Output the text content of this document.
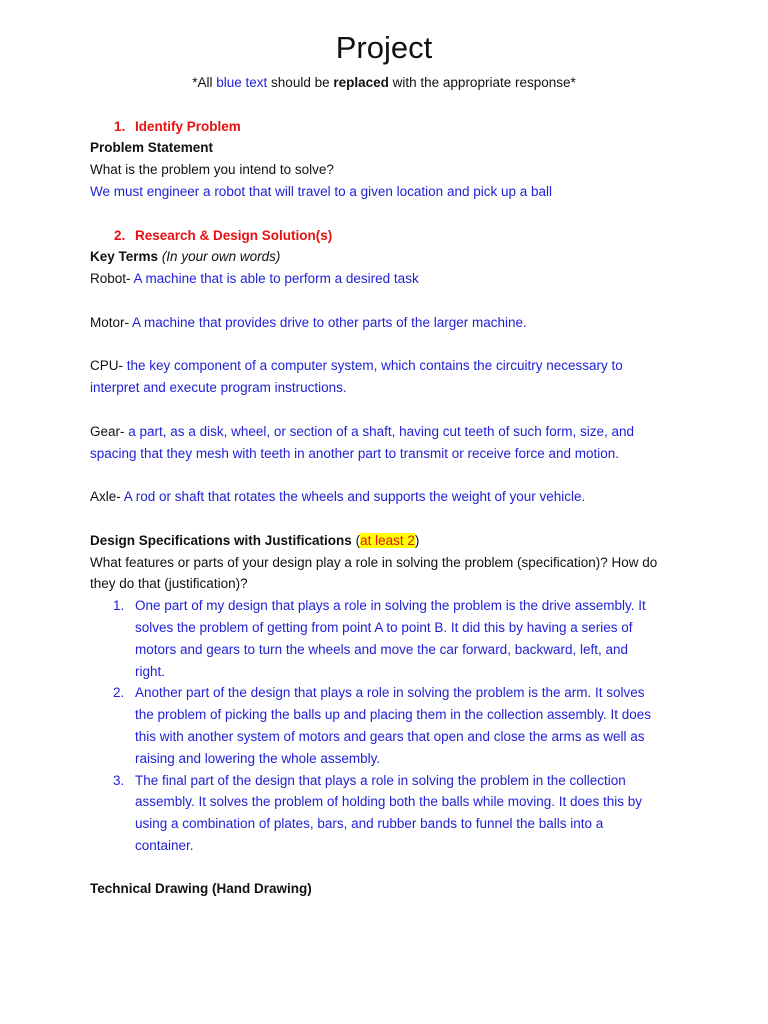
Project

*All blue text should be replaced with the appropriate response*

1. Identify Problem

Problem Statement

What is the problem you intend to solve?

We must engineer a robot that will travel to a given location and pick up a ball

2. Research & Design Solution(s)

Key Terms (In your own words)

Robot- A machine that is able to perform a desired task

Motor- A machine that provides drive to other parts of the larger machine.

CPU- the key component of a computer system, which contains the circuitry necessary to

interpret and execute program instructions.

Gear- a part, as a disk, wheel, or section of a shaft, having cut teeth of such form, size, and

spacing that they mesh with teeth in another part to transmit or receive force and motion.

Axle- A rod or shaft that rotates the wheels and supports the weight of your vehicle.

Design Specifications with Justifications (at least 2)

What features or parts of your design play a role in solving the problem (specification)? How do

they do that (justification)?

1. One part of my design that plays a role in solving the problem is the drive assembly. It

solves the problem of getting from point A to point B. It did this by having a series of

motors and gears to turn the wheels and move the car forward, backward, left, and

right.

2. Another part of the design that plays a role in solving the problem is the arm. It solves

the problem of picking the balls up and placing them in the collection assembly. It does

this with another system of motors and gears that open and close the arms as well as

raising and lowering the whole assembly.

3. The final part of the design that plays a role in solving the problem in the collection

assembly. It solves the problem of holding both the balls while moving. It does this by

using a combination of plates, bars, and rubber bands to funnel the balls into a

container.

Technical Drawing (Hand Drawing)
